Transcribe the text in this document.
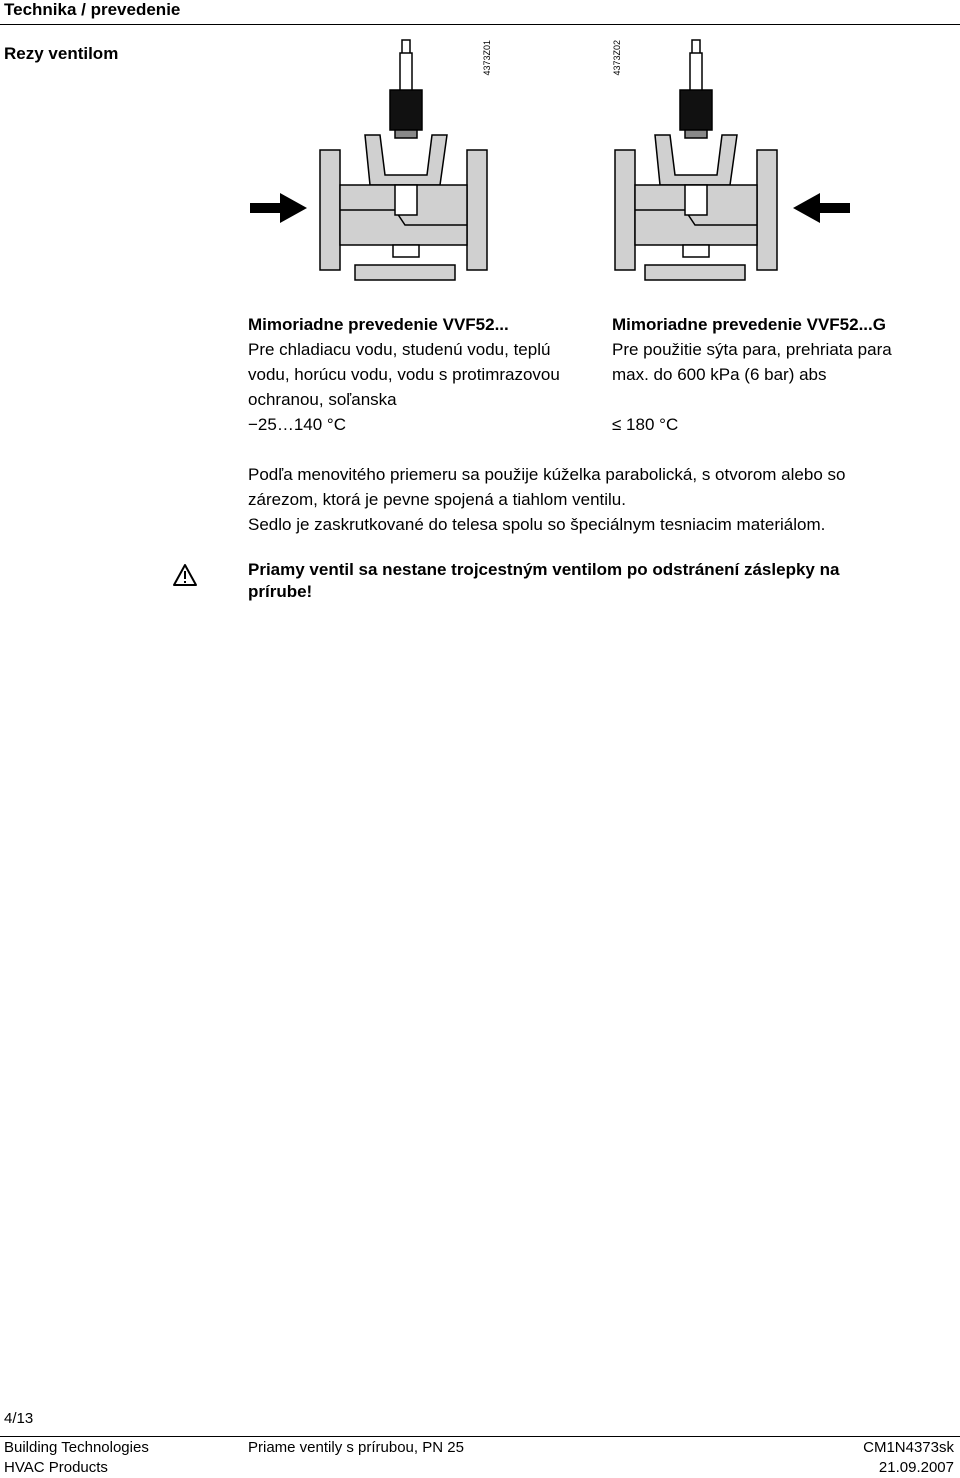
Technika / prevedenie
Rezy ventilom	4373Z01	4373Z02
Mimoriadne prevedenie VVF52...
Pre chladiacu vodu, studenú vodu, teplú
vodu, horúcu vodu, vodu s protimrazovou
ochranou, soľanska
−25…140 °C
Mimoriadne prevedenie VVF52...G
Pre použitie sýta para, prehriata para
max. do 600 kPa (6 bar) abs
≤ 180 °C
Podľa menovitého priemeru sa použije kúželka parabolická, s otvorom alebo so
zárezom, ktorá je pevne spojená a tiahlom ventilu.
Sedlo je zaskrutkované do telesa spolu so špeciálnym tesniacim materiálom.
Priamy ventil sa nestane trojcestným ventilom po odstránení záslepky na
prírube!
4/13
Building Technologies
HVAC Products
Priame ventily s prírubou, PN 25	CM1N4373sk
21.09.2007
